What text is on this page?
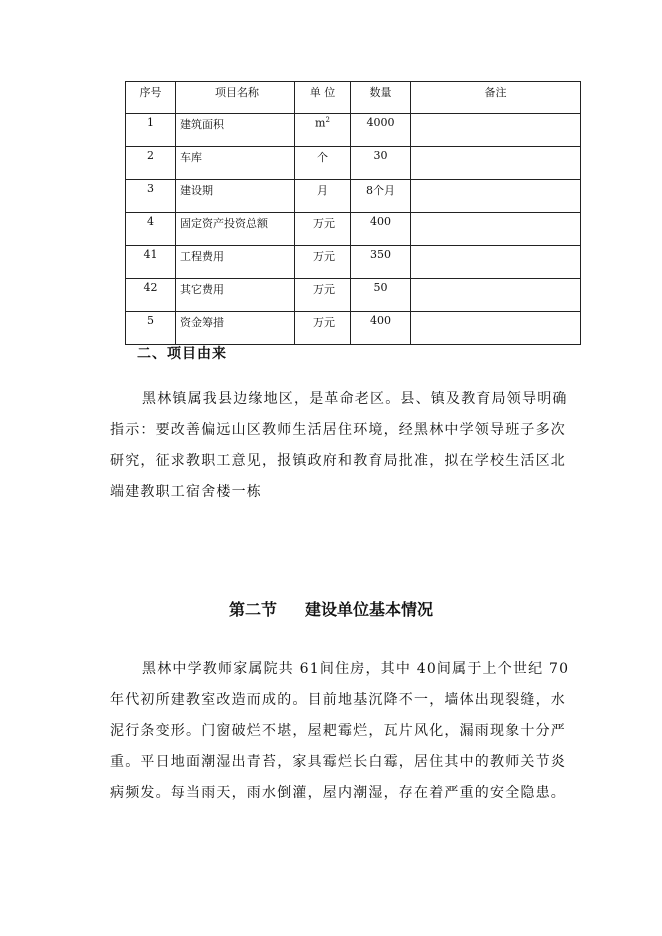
序号	项目名称	单 位	数量	备注
1	建筑面积	$m^2$	4000	
2	车库	个	30	
3	建设期	月	8个月	
4	固定资产投资总额	万元	400	
41	工程费用	万元	350	
42	其它费用	万元	50	
5	资金筹措	万元	400	
二、项目由来

黑林镇属我县边缘地区，是革命老区。县、镇及教育局领导明确
指示：要改善偏远山区教师生活居住环境，经黑林中学领导班子多次
研究，征求教职工意见，报镇政府和教育局批准，拟在学校生活区北
端建教职工宿舍楼一栋

第二节 建设单位基本情况

黑林中学教师家属院共 61间住房，其中 40间属于上个世纪 70
年代初所建教室改造而成的。目前地基沉降不一，墙体出现裂缝，水
泥行条变形。门窗破烂不堪，屋耙霉烂，瓦片风化，漏雨现象十分严
重。平日地面潮湿出青苔，家具霉烂长白霉，居住其中的教师关节炎
病频发。每当雨天，雨水倒灌，屋内潮湿，存在着严重的安全隐患。
